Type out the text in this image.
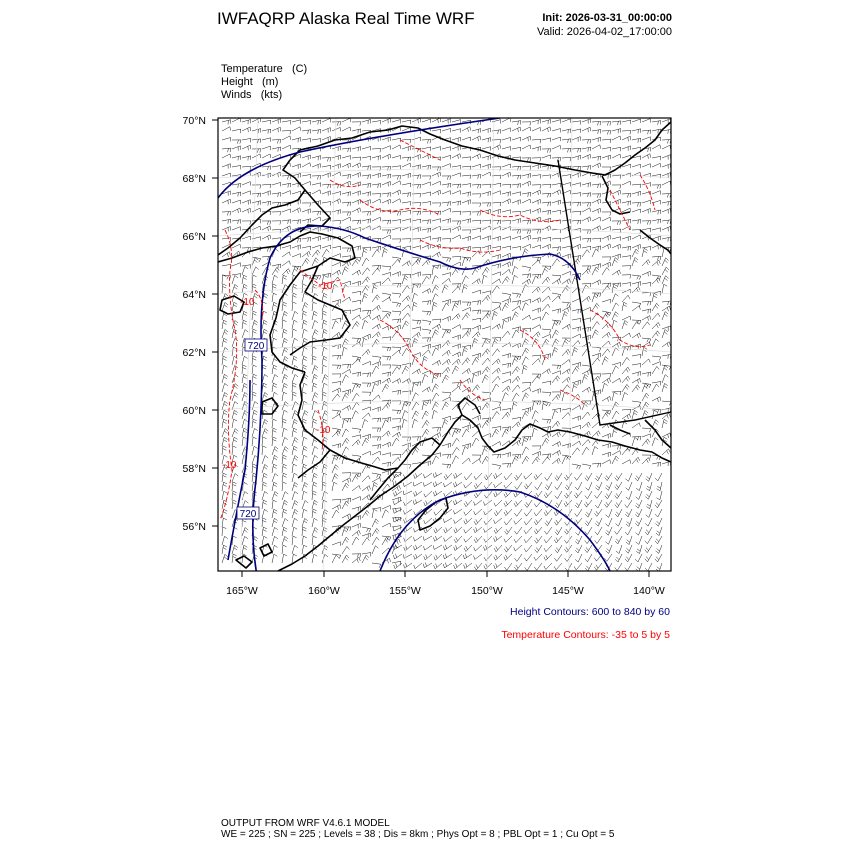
IWFAQRP Alaska Real Time WRF	Init: 2026-03-31_00:00:00
Valid: 2026-04-02_17:00:00
Temperature (C)
Height (m)
Winds (kts)
720
720
-10
-10
-10
-10
70°N
68°N
66°N
64°N
62°N
60°N
58°N
56°N
165°W	160°W	155°W	150°W	145°W	140°W
Height Contours: 600 to 840 by 60
Temperature Contours: -35 to 5 by 5
OUTPUT FROM WRF V4.6.1 MODEL
WE = 225 ; SN = 225 ; Levels = 38 ; Dis = 8km ; Phys Opt = 8 ; PBL Opt = 1 ; Cu Opt = 5
